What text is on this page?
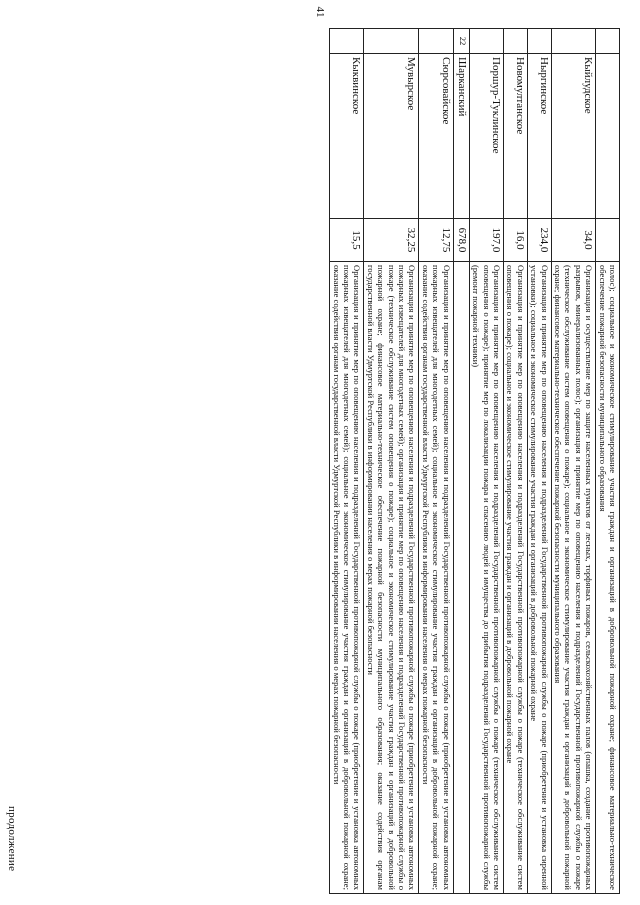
41
			полос); социальное и экономическое стимулирование участия граждан и организаций в добровольной пожарной охране; финансовое материально-техническое обеспечение пожарной безопасности муниципального образования
	Кыйлудское	34,0	Организация и осуществление мер по защите населенных пунктов от лесных, торфяных пожаров, сельскохозяйственных палов (опашка, создание противопожарных разрывов, минерализованных полос); организация и принятие мер по оповещению населения и подразделений Государственной противопожарной службы о пожаре (техническое обслуживание систем оповещения о пожаре); социальное и экономическое стимулирование участия граждан и организаций в добровольной пожарной охране; финансовое материально-техническое обеспечение пожарной безопасности муниципального образования
	Ныргинское	234,0	Организация и принятие мер по оповещению населения и подразделений Государственной противопожарной службы о пожаре (приобретение и установка сиренной установки); социальное и экономическое стимулирование участия граждан и организаций в добровольной пожарной охране
	Новомултанское	16,0	Организация и принятие мер по оповещению населения и подразделений Государственной противопожарной службы о пожаре (техническое обслуживание систем оповещения о пожаре); социальное и экономическое стимулирование участия граждан и организаций в добровольной пожарной охране
	Поршур-Туклинское	197,0	Организация и принятие мер по оповещению населения и подразделений Государственной противопожарной службы о пожаре (техническое обслуживание систем оповещения о пожаре); принятие мер по локализации пожара и спасению людей и имущества до прибытия подразделений Государственной противопожарной службы (ремонт пожарной техники)
22	Шарканский	678,0	
	Сюрсовайское	12,75	Организация и принятие мер по оповещению населения и подразделений Государственной противопожарной службы о пожаре (приобретение и установка автономных пожарных извещателей для многодетных семей); социальное и экономическое стимулирование участия граждан и организаций в добровольной пожарной охране; оказание содействия органам государственной власти Удмуртской Республики в информировании населения о мерах пожарной безопасности
	Мувырское	32,25	Организация и принятие мер по оповещению населения и подразделений Государственной противопожарной службы о пожаре (приобретение и установка автономных пожарных извещателей для многодетных семей); организация и принятие мер по оповещению населения и подразделений Государственной противопожарной службы о пожаре (техническое обслуживание систем оповещения о пожаре); социальное и экономическое стимулирование участия граждан и организаций в добровольной пожарной охране; финансовое материально-техническое обеспечение пожарной безопасности муниципального образования; оказание содействия органам государственной власти Удмуртской Республики в информировании населения о мерах пожарной безопасности
	Кыквинское	15,5	Организация и принятие мер по оповещению населения и подразделений Государственной противопожарной службы о пожаре (приобретение и установка автономных пожарных извещателей для многодетных семей); социальное и экономическое стимулирование участия граждан и организаций в добровольной пожарной охране; оказание содействия органам государственной власти Удмуртской Республики в информировании населения о мерах пожарной безопасности
продолжение
